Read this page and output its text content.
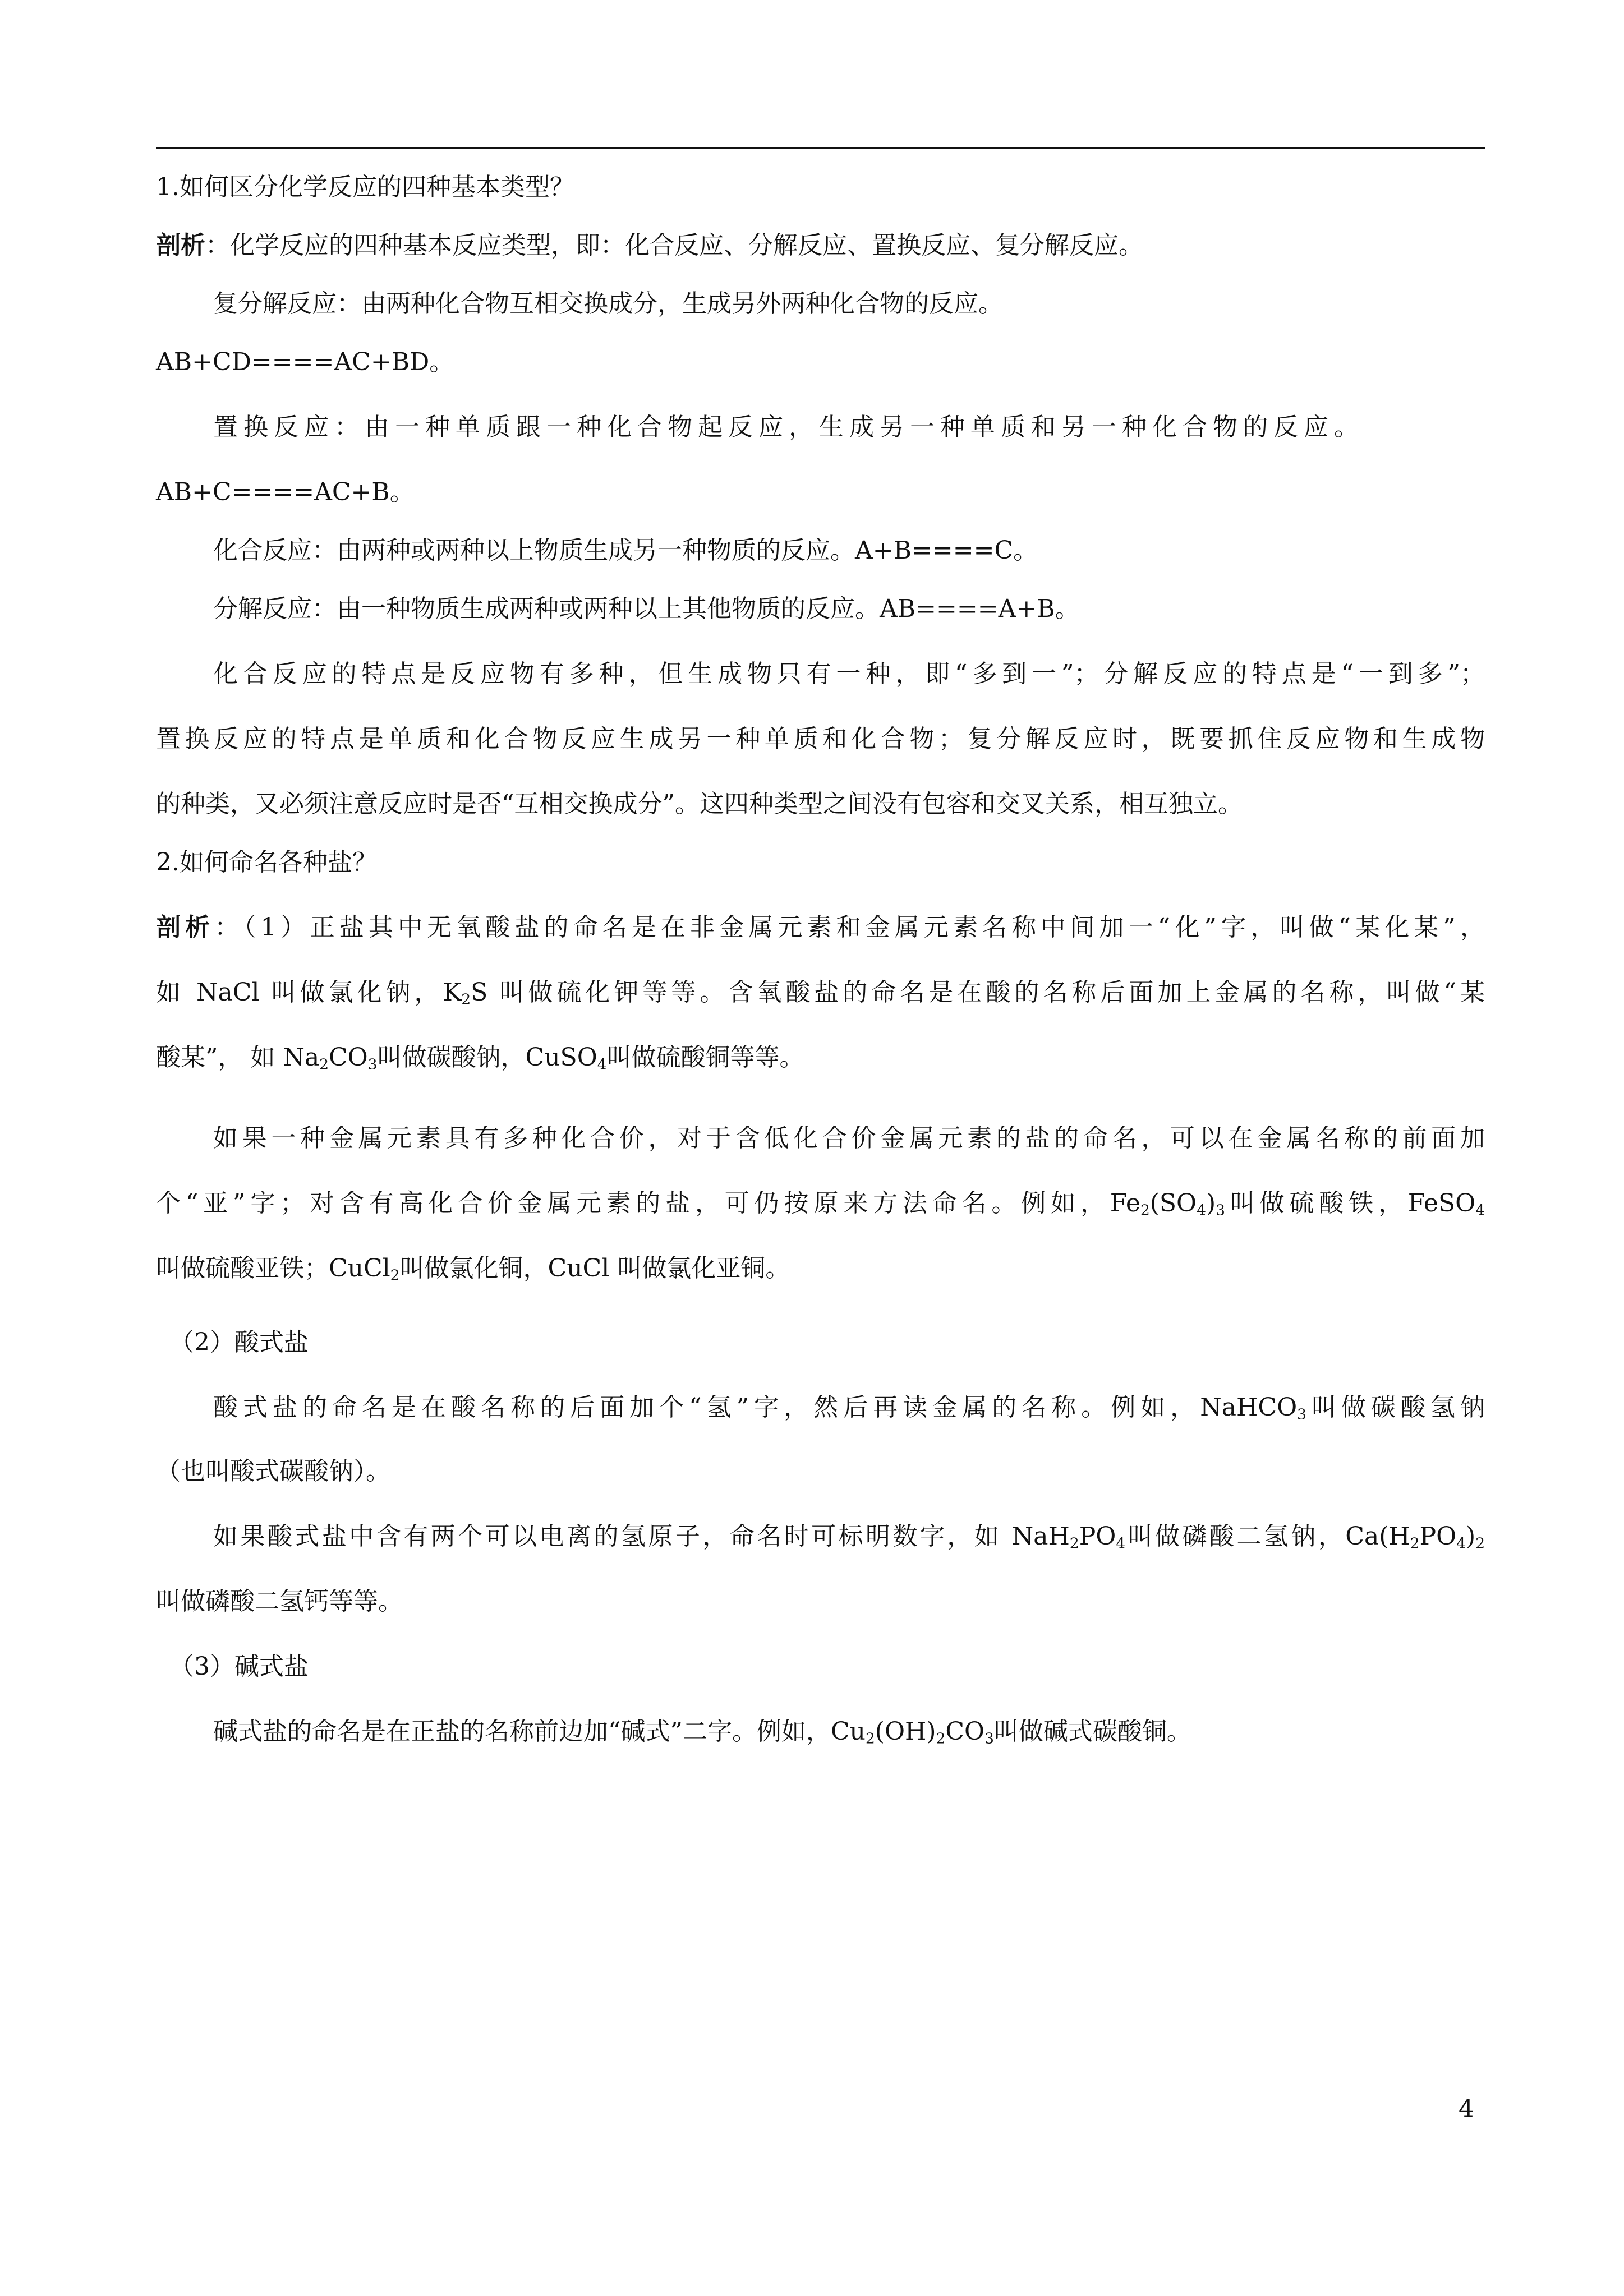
1.如何区分化学反应的四种基本类型？
剖析：化学反应的四种基本反应类型，即：化合反应、分解反应、置换反应、复分解反应。
复分解反应：由两种化合物互相交换成分，生成另外两种化合物的反应。
AB+CD====AC+BD。
置换反应：由一种单质跟一种化合物起反应，生成另一种单质和另一种化合物的反应。
AB+C====AC+B。
化合反应：由两种或两种以上物质生成另一种物质的反应。A+B====C。
分解反应：由一种物质生成两种或两种以上其他物质的反应。AB====A+B。
化合反应的特点是反应物有多种，但生成物只有一种，即“多到一”；分解反应的特点是“一到多”；
置换反应的特点是单质和化合物反应生成另一种单质和化合物；复分解反应时，既要抓住反应物和生成物
的种类，又必须注意反应时是否“互相交换成分”。这四种类型之间没有包容和交叉关系，相互独立。
2.如何命名各种盐？
剖析：（1）正盐其中无氧酸盐的命名是在非金属元素和金属元素名称中间加一“化”字，叫做“某化某”，
如 NaCl 叫做氯化钠，$K_2S$ 叫做硫化钾等等。含氧酸盐的命名是在酸的名称后面加上金属的名称，叫做“某
酸某”， 如 $Na_2CO_3$叫做碳酸钠，CuSO$_4$叫做硫酸铜等等。
如果一种金属元素具有多种化合价，对于含低化合价金属元素的盐的命名，可以在金属名称的前面加
个“亚”字；对含有高化合价金属元素的盐，可仍按原来方法命名。例如，$Fe_2(SO_4)_3$叫做硫酸铁，FeSO$_4$
叫做硫酸亚铁；CuCl$_2$叫做氯化铜，CuCl 叫做氯化亚铜。
（2）酸式盐
酸式盐的命名是在酸名称的后面加个“氢”字，然后再读金属的名称。例如，NaHCO$_3$叫做碳酸氢钠
（也叫酸式碳酸钠）。
如果酸式盐中含有两个可以电离的氢原子，命名时可标明数字，如 $NaH_2PO_4$叫做磷酸二氢钠，$Ca(H_2PO_4)_2$
叫做磷酸二氢钙等等。
（3）碱式盐
碱式盐的命名是在正盐的名称前边加“碱式”二字。例如，$Cu_2(OH)_2CO_3$叫做碱式碳酸铜。
4
